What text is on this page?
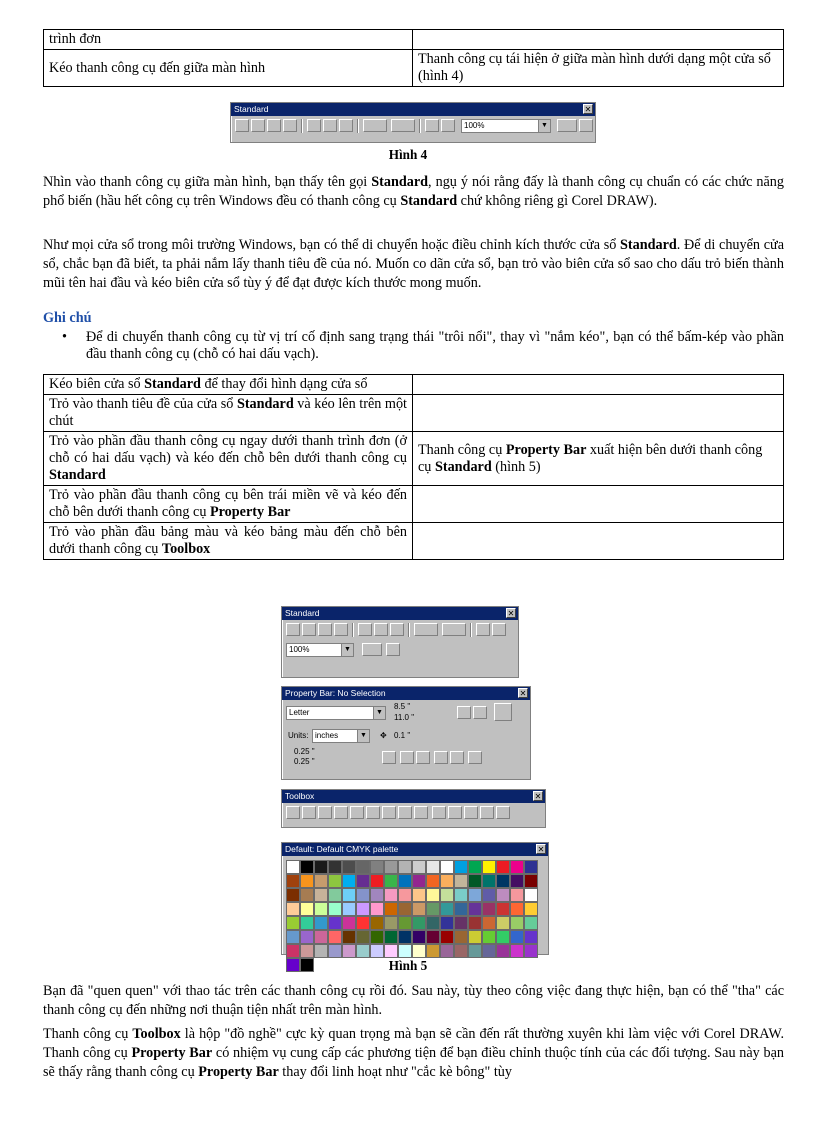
trình đơn	
Kéo thanh công cụ đến giữa màn hình	Thanh công cụ tái hiện ở giữa màn hình dưới dạng một cửa sổ (hình 4)
Standard	✕
100%	▼
Hình 4

Nhìn vào thanh công cụ giữa màn hình, bạn thấy tên gọi Standard, ngụ ý nói rằng đấy là thanh công cụ chuẩn có các chức năng phổ biến (hầu hết công cụ trên Windows đều có thanh công cụ Standard chứ không riêng gì Corel DRAW).

Như mọi cửa sổ trong môi trường Windows, bạn có thể di chuyển hoặc điều chỉnh kích thước cửa sổ Standard. Để di chuyển cửa sổ, chắc bạn đã biết, ta phải nắm lấy thanh tiêu đề của nó. Muốn co dãn cửa sổ, bạn trỏ vào biên cửa sổ sao cho dấu trỏ biến thành mũi tên hai đầu và kéo biên cửa sổ tùy ý để đạt được kích thước mong muốn.

Ghi chú
•	Để di chuyển thanh công cụ từ vị trí cố định sang trạng thái "trôi nổi", thay vì "nắm kéo", bạn có thể bấm-kép vào phần đầu thanh công cụ (chỗ có hai dấu vạch).
Kéo biên cửa sổ Standard để thay đổi hình dạng cửa sổ	
Trỏ vào thanh tiêu đề của cửa sổ Standard và kéo lên trên một chút	
Trỏ vào phần đầu thanh công cụ ngay dưới thanh trình đơn (ở chỗ có hai dấu vạch) và kéo đến chỗ bên dưới thanh công cụ Standard	Thanh công cụ Property Bar xuất hiện bên dưới thanh công cụ Standard (hình 5)
Trỏ vào phần đầu thanh công cụ bên trái miền vẽ và kéo đến chỗ bên dưới thanh công cụ Property Bar	
Trỏ vào phần đầu bảng màu và kéo bảng màu đến chỗ bên dưới thanh công cụ Toolbox	
Standard	✕
100%	▼
Property Bar: No Selection	✕
Letter	▼
8.5 "
11.0 "
Units: inches	▼ ✥ 0.1 "
0.25 "
0.25 "
Toolbox	✕
Default: Default CMYK palette	✕
Hình 5

Bạn đã "quen quen" với thao tác trên các thanh công cụ rồi đó. Sau này, tùy theo công việc đang thực hiện, bạn có thể "tha" các thanh công cụ đến những nơi thuận tiện nhất trên màn hình.

Thanh công cụ Toolbox là hộp "đồ nghề" cực kỳ quan trọng mà bạn sẽ cần đến rất thường xuyên khi làm việc với Corel DRAW. Thanh công cụ Property Bar có nhiệm vụ cung cấp các phương tiện để bạn điều chỉnh thuộc tính của các đối tượng. Sau này bạn sẽ thấy rằng thanh công cụ Property Bar thay đổi linh hoạt như "cắc kè bông" tùy
